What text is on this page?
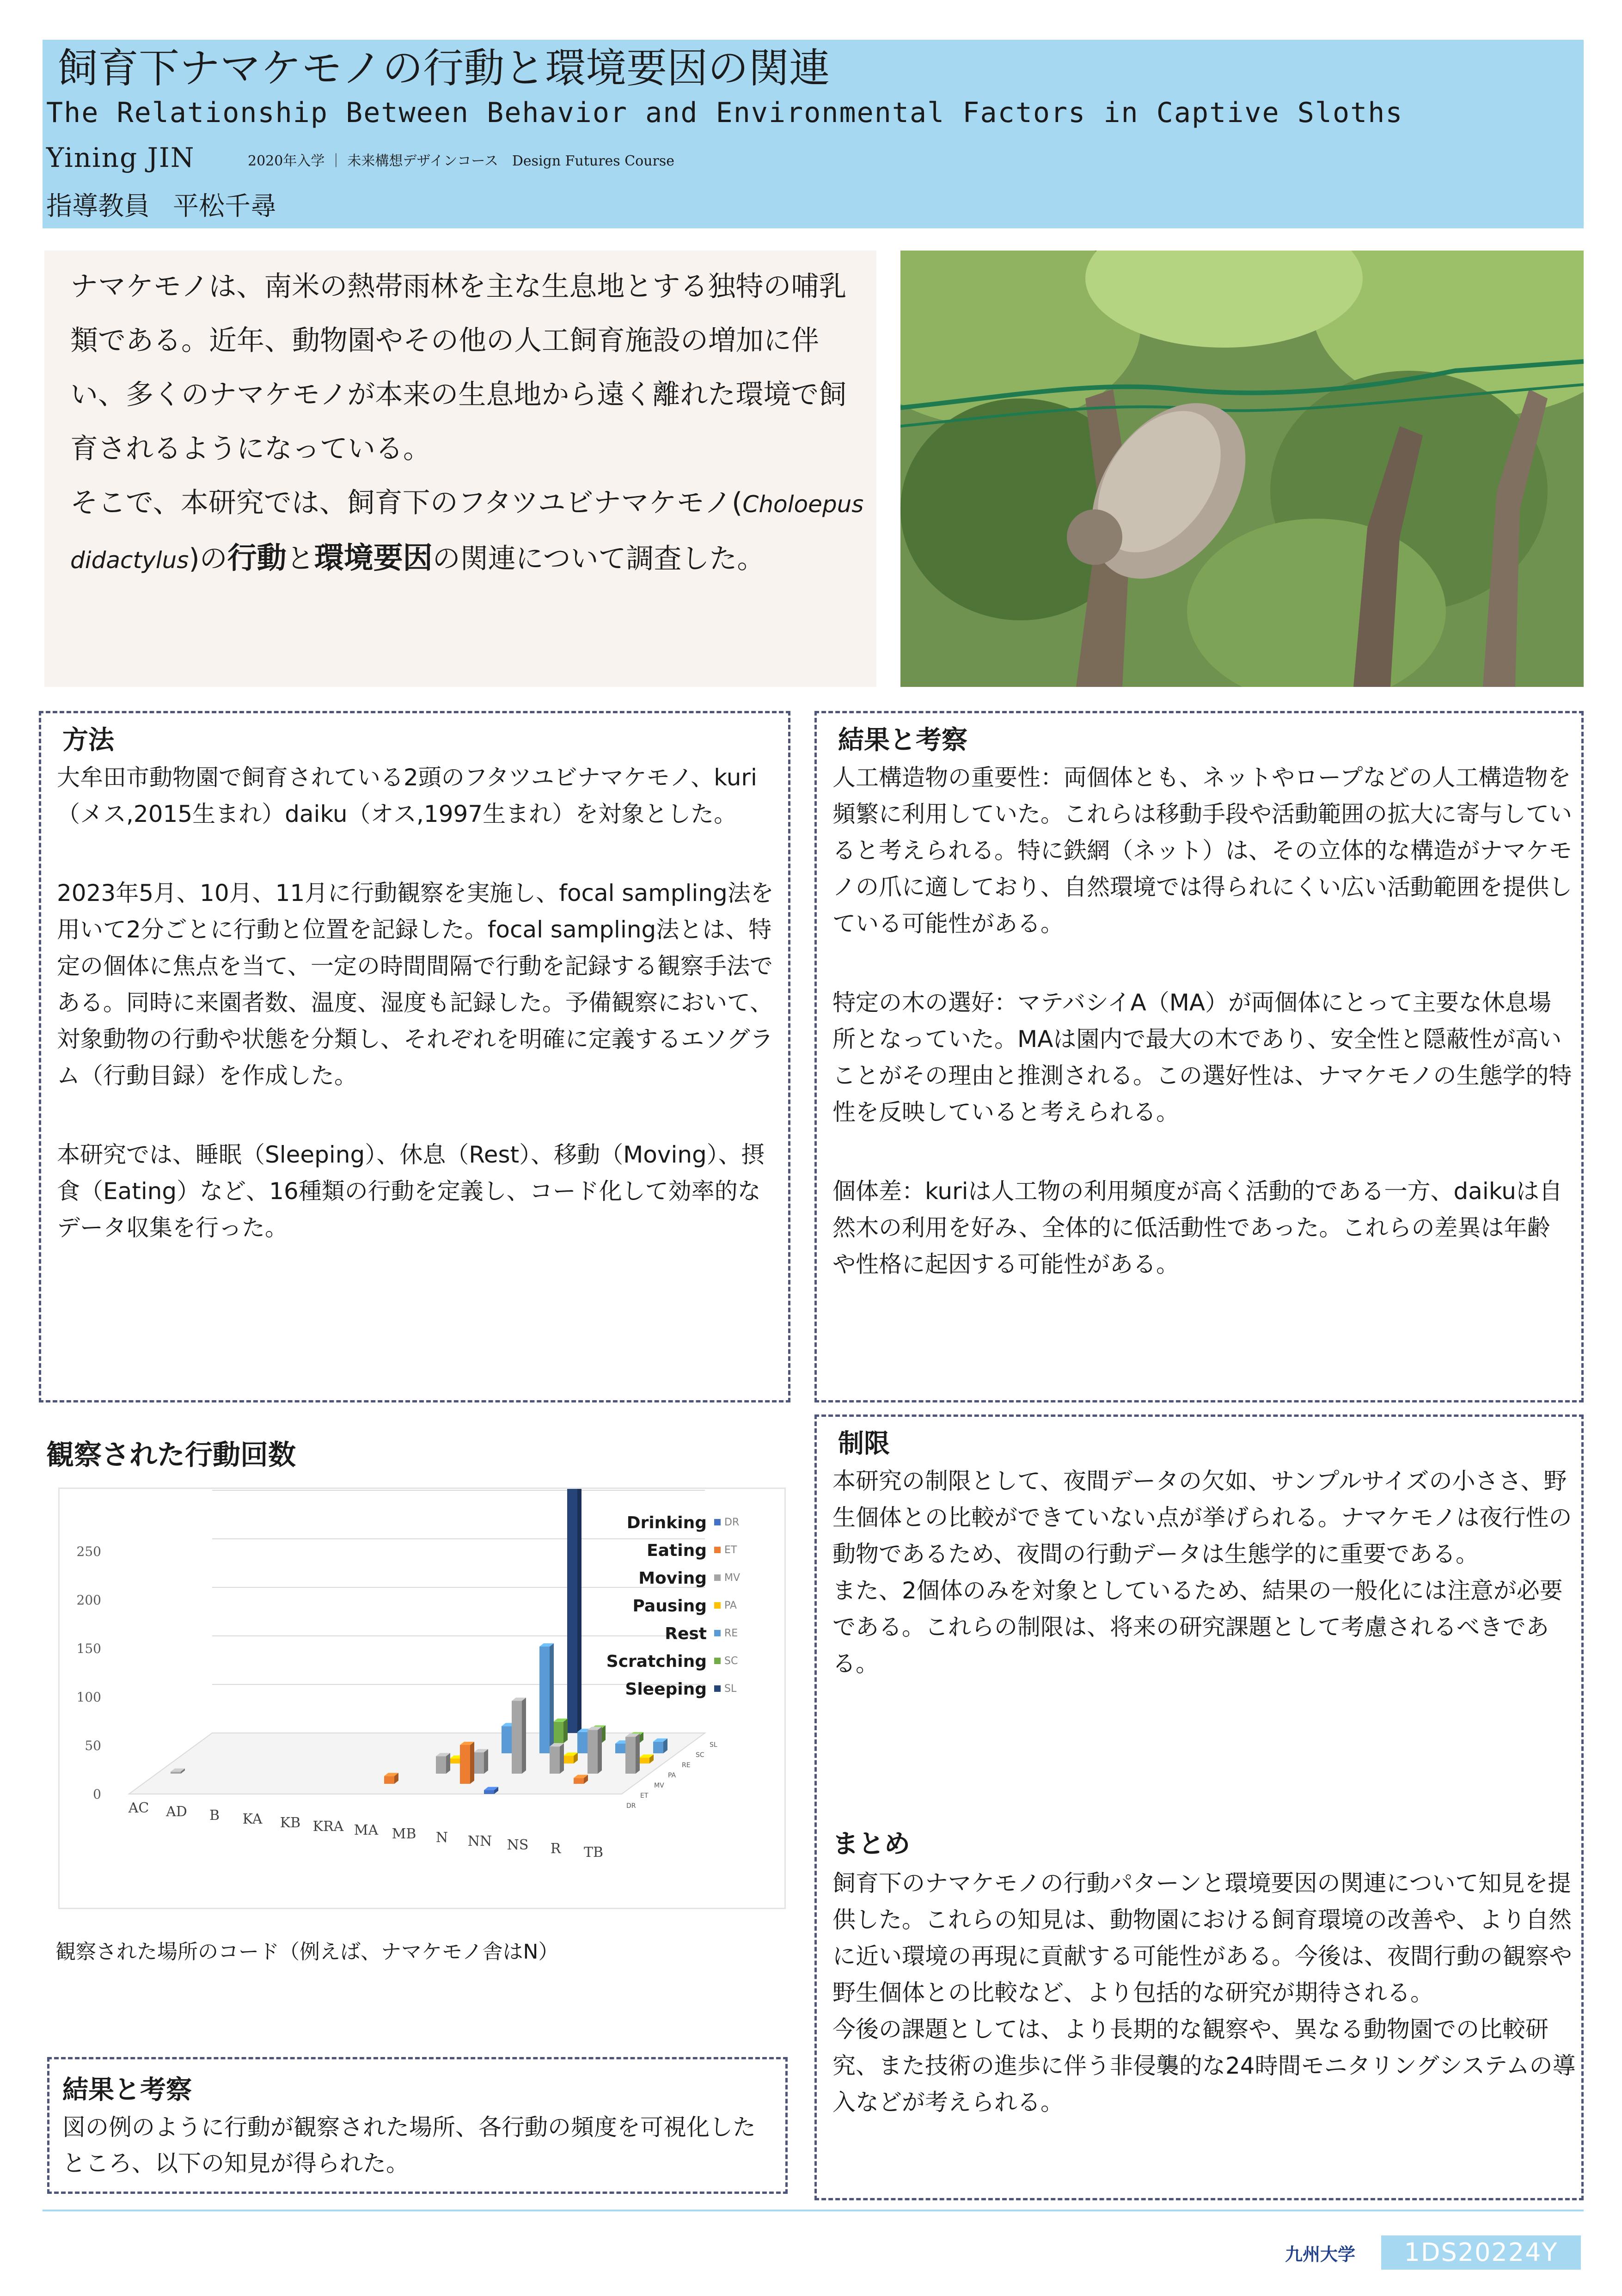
飼育下ナマケモノの行動と環境要因の関連
The Relationship Between Behavior and Environmental Factors in Captive Sloths
Yining JIN	2020年入学 ｜ 未来構想デザインコース　Design Futures Course
指導教員 平松千尋

ナマケモノは、南米の熱帯雨林を主な生息地とする独特の哺乳類である。近年、動物園やその他の人工飼育施設の増加に伴い、多くのナマケモノが本来の生息地から遠く離れた環境で飼育されるようになっている。

そこで、本研究では、飼育下のフタツユビナマケモノ(Choloepus didactylus)の行動と環境要因の関連について調査した。

方法

大牟田市動物園で飼育されている2頭のフタツユビナマケモノ、kuri（メス,2015生まれ）daiku（オス,1997生まれ）を対象とした。

2023年5月、10月、11月に行動観察を実施し、focal sampling法を用いて2分ごとに行動と位置を記録した。focal sampling法とは、特定の個体に焦点を当て、一定の時間間隔で行動を記録する観察手法である。同時に来園者数、温度、湿度も記録した。予備観察において、対象動物の行動や状態を分類し、それぞれを明確に定義するエソグラム（行動目録）を作成した。

本研究では、睡眠（Sleeping）、休息（Rest）、移動（Moving）、摂食（Eating）など、16種類の行動を定義し、コード化して効率的なデータ収集を行った。

結果と考察

人工構造物の重要性：両個体とも、ネットやロープなどの人工構造物を頻繁に利用していた。これらは移動手段や活動範囲の拡大に寄与していると考えられる。特に鉄網（ネット）は、その立体的な構造がナマケモノの爪に適しており、自然環境では得られにくい広い活動範囲を提供している可能性がある。

特定の木の選好：マテバシイA（MA）が両個体にとって主要な休息場所となっていた。MAは園内で最大の木であり、安全性と隠蔽性が高いことがその理由と推測される。この選好性は、ナマケモノの生態学的特性を反映していると考えられる。

個体差：kuriは人工物の利用頻度が高く活動的である一方、daikuは自然木の利用を好み、全体的に低活動性であった。これらの差異は年齢や性格に起因する可能性がある。

制限

本研究の制限として、夜間データの欠如、サンプルサイズの小ささ、野生個体との比較ができていない点が挙げられる。ナマケモノは夜行性の動物であるため、夜間の行動データは生態学的に重要である。

また、2個体のみを対象としているため、結果の一般化には注意が必要である。これらの制限は、将来の研究課題として考慮されるべきである。

まとめ

飼育下のナマケモノの行動パターンと環境要因の関連について知見を提供した。これらの知見は、動物園における飼育環境の改善や、より自然に近い環境の再現に貢献する可能性がある。今後は、夜間行動の観察や野生個体との比較など、より包括的な研究が期待される。

今後の課題としては、より長期的な観察や、異なる動物園での比較研究、また技術の進歩に伴う非侵襲的な24時間モニタリングシステムの導入などが考えられる。

観察された行動回数
0
50
100
150
200
250
AC AD B KA KB KRA MA MB N NN NS R TB
DR
ET
MV
PA
RE
SC
SL
Drinking DR
Eating ET
Moving MV
Pausing PA
Rest RE
Scratching SC
Sleeping SL
観察された場所のコード（例えば、ナマケモノ舎はN）
結果と考察
図の例のように行動が観察された場所、各行動の頻度を可視化したところ、以下の知見が得られた。
九州大学	1DS20224Y
